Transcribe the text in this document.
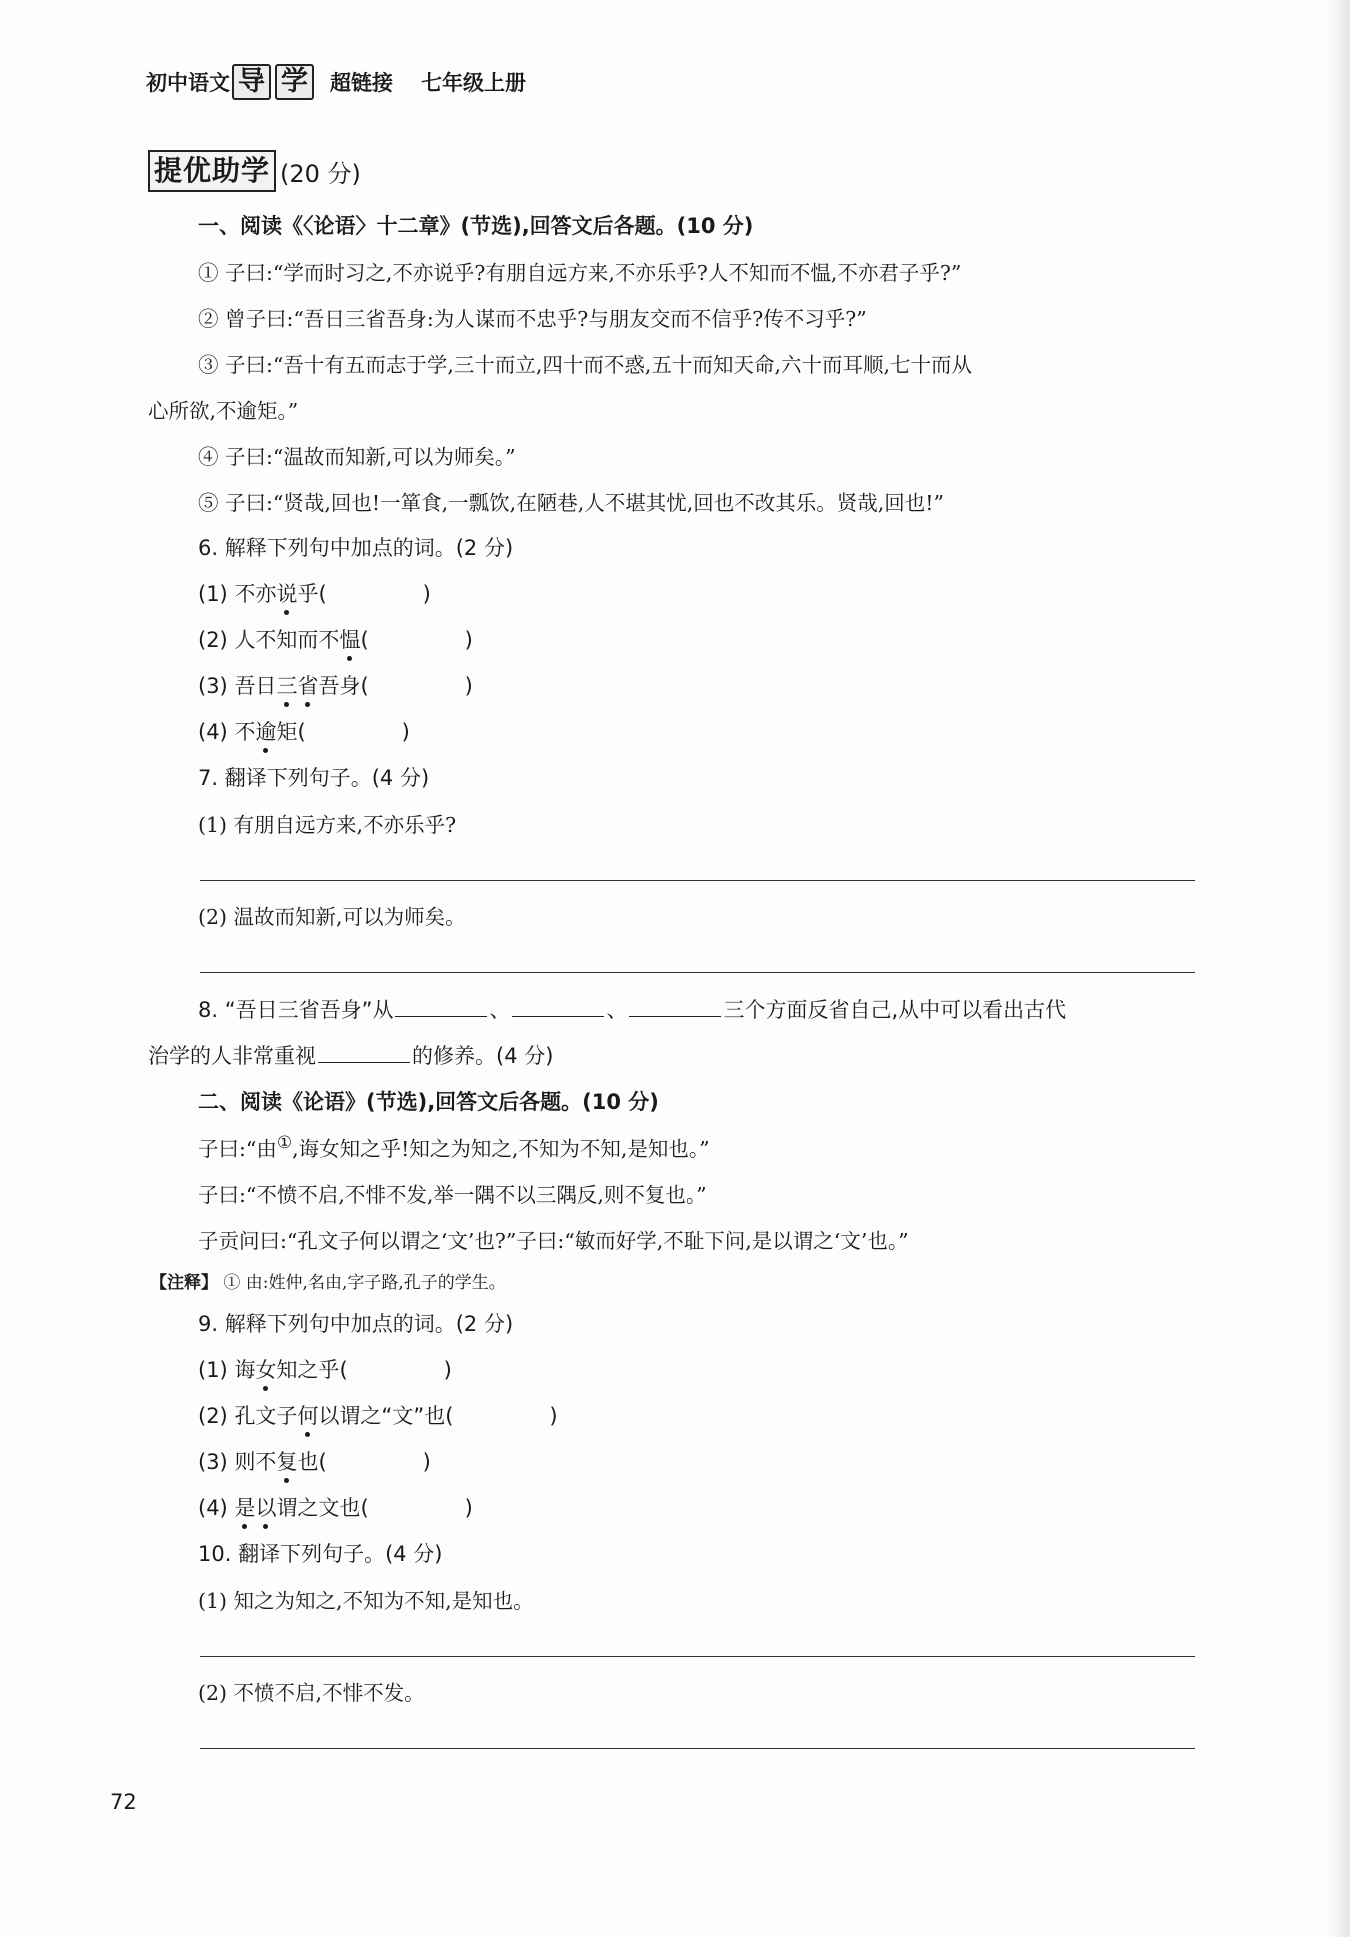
初中语文 导 学 超链接 七年级上册
提优助学 (20 分)
一、阅读《〈论语〉十二章》(节选),回答文后各题。(10 分)
① 子曰:“学而时习之,不亦说乎?有朋自远方来,不亦乐乎?人不知而不愠,不亦君子乎?”
② 曾子曰:“吾日三省吾身:为人谋而不忠乎?与朋友交而不信乎?传不习乎?”
③ 子曰:“吾十有五而志于学,三十而立,四十而不惑,五十而知天命,六十而耳顺,七十而从
心所欲,不逾矩。”
④ 子曰:“温故而知新,可以为师矣。”
⑤ 子曰:“贤哉,回也!一箪食,一瓢饮,在陋巷,人不堪其忧,回也不改其乐。贤哉,回也!”
6. 解释下列句中加点的词。(2 分)
(1) 不亦说乎(	)
(2) 人不知而不愠(	)
(3) 吾日三省吾身(	)
(4) 不逾矩(	)
7. 翻译下列句子。(4 分)
(1) 有朋自远方来,不亦乐乎?
(2) 温故而知新,可以为师矣。
8. “吾日三省吾身”从	、	、	三个方面反省自己,从中可以看出古代
治学的人非常重视	的修养。(4 分)
二、阅读《论语》(节选),回答文后各题。(10 分)
子曰:“由①,诲女知之乎!知之为知之,不知为不知,是知也。”
子曰:“不愤不启,不悱不发,举一隅不以三隅反,则不复也。”
子贡问曰:“孔文子何以谓之‘文’也?”子曰:“敏而好学,不耻下问,是以谓之‘文’也。”
【注释】 ① 由:姓仲,名由,字子路,孔子的学生。
9. 解释下列句中加点的词。(2 分)
(1) 诲女知之乎(	)
(2) 孔文子何以谓之“文”也(	)
(3) 则不复也(	)
(4) 是以谓之文也(	)
10. 翻译下列句子。(4 分)
(1) 知之为知之,不知为不知,是知也。
(2) 不愤不启,不悱不发。
72
